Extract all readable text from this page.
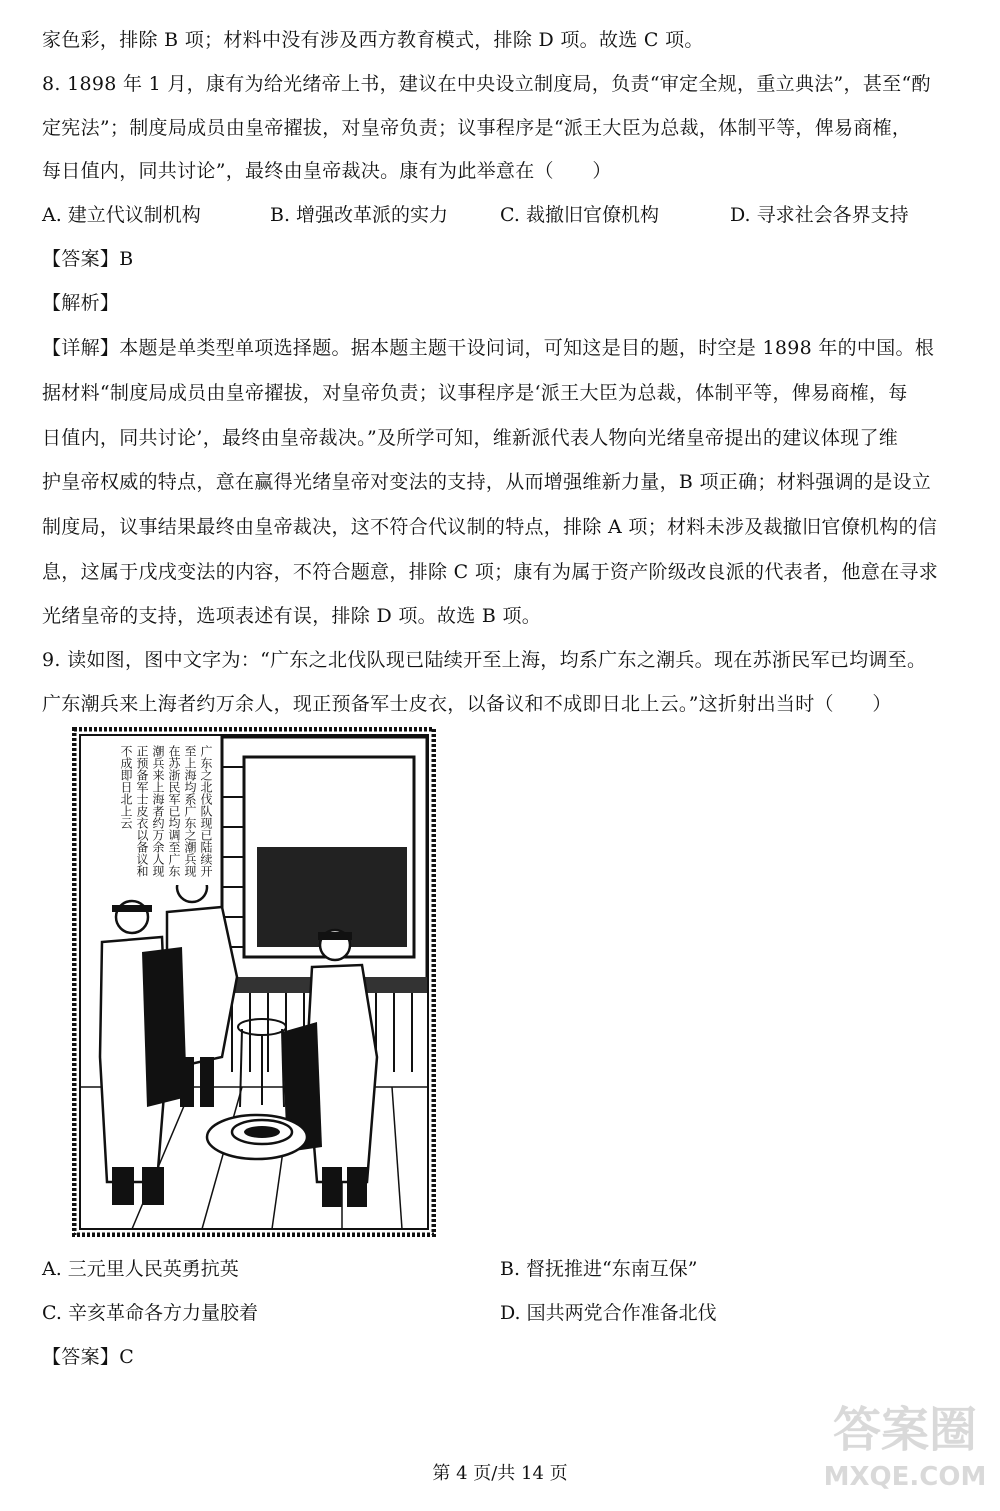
家色彩，排除 B 项；材料中没有涉及西方教育模式，排除 D 项。故选 C 项。
8. 1898 年 1 月，康有为给光绪帝上书，建议在中央设立制度局，负责“审定全规，重立典法”，甚至“酌
定宪法”；制度局成员由皇帝擢拔，对皇帝负责；议事程序是“派王大臣为总裁，体制平等，俾易商榷，
每日值内，同共讨论”，最终由皇帝裁决。康有为此举意在（　　）
A. 建立代议制机构	B. 增强改革派的实力	C. 裁撤旧官僚机构	D. 寻求社会各界支持
【答案】B
【解析】
【详解】本题是单类型单项选择题。据本题主题干设问词，可知这是目的题，时空是 1898 年的中国。根
据材料“制度局成员由皇帝擢拔，对皇帝负责；议事程序是‘派王大臣为总裁，体制平等，俾易商榷，每
日值内，同共讨论’，最终由皇帝裁决。”及所学可知，维新派代表人物向光绪皇帝提出的建议体现了维
护皇帝权威的特点，意在赢得光绪皇帝对变法的支持，从而增强维新力量，B 项正确；材料强调的是设立
制度局，议事结果最终由皇帝裁决，这不符合代议制的特点，排除 A 项；材料未涉及裁撤旧官僚机构的信
息，这属于戊戌变法的内容，不符合题意，排除 C 项；康有为属于资产阶级改良派的代表者，他意在寻求
光绪皇帝的支持，选项表述有误，排除 D 项。故选 B 项。
9. 读如图，图中文字为：“广东之北伐队现已陆续开至上海，均系广东之潮兵。现在苏浙民军已均调至。
广东潮兵来上海者约万余人，现正预备军士皮衣，以备议和不成即日北上云。”这折射出当时（　　）
广东之北伐队现已陆续开至上海均系广东之潮兵现在苏浙民军已均调至广东潮兵来上海者约万余人现正预备军士皮衣以备议和不成即日北上云
A. 三元里人民英勇抗英	B. 督抚推进“东南互保”
C. 辛亥革命各方力量胶着	D. 国共两党合作准备北伐
【答案】C
第 4 页/共 14 页
答案圈
MXQE.COM
